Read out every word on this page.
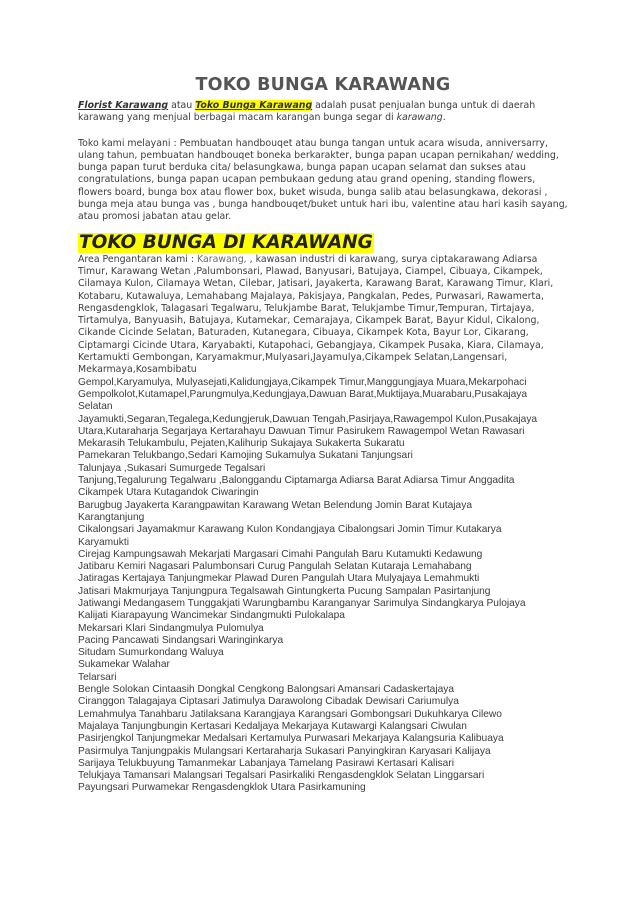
TOKO BUNGA KARAWANG

Florist Karawang atau Toko Bunga Karawang adalah pusat penjualan bunga untuk di daerah karawang yang menjual berbagai macam karangan bunga segar di karawang.

Toko kami melayani : Pembuatan handbouqet atau bunga tangan untuk acara wisuda, anniversarry, ulang tahun, pembuatan handbouqet boneka berkarakter, bunga papan ucapan pernikahan/ wedding, bunga papan turut berduka cita/ belasungkawa, bunga papan ucapan selamat dan sukses atau congratulations, bunga papan ucapan pembukaan gedung atau grand opening, standing flowers, flowers board, bunga box atau flower box, buket wisuda, bunga salib atau belasungkawa, dekorasi , bunga meja atau bunga vas , bunga handbouqet/buket untuk hari ibu, valentine atau hari kasih sayang, atau promosi jabatan atau gelar.

TOKO BUNGA DI KARAWANG

Area Pengantaran kami : Karawang, , kawasan industri di karawang, surya ciptakarawang Adiarsa Timur, Karawang Wetan ,Palumbonsari, Plawad, Banyusari, Batujaya, Ciampel, Cibuaya, Cikampek, Cilamaya Kulon, Cilamaya Wetan, Cilebar, Jatisari, Jayakerta, Karawang Barat, Karawang Timur, Klari, Kotabaru, Kutawaluya, Lemahabang Majalaya, Pakisjaya, Pangkalan, Pedes, Purwasari, Rawamerta, Rengasdengklok, Talagasari Tegalwaru, Telukjambe Barat, Telukjambe Timur,Tempuran, Tirtajaya, Tirtamulya, Banyuasih, Batujaya, Kutamekar, Cemarajaya, Cikampek Barat, Bayur Kidul, Cikalong, Cikande Cicinde Selatan, Baturaden, Kutanegara, Cibuaya, Cikampek Kota, Bayur Lor, Cikarang, Ciptamargi Cicinde Utara, Karyabakti, Kutapohaci, Gebangjaya, Cikampek Pusaka, Kiara, Cilamaya, Kertamukti Gembongan, Karyamakmur,Mulyasari,Jayamulya,Cikampek Selatan,Langensari, Mekarmaya,Kosambibatu

Gempol,Karyamulya, Mulyasejati,Kalidungjaya,Cikampek Timur,Manggungjaya Muara,Mekarpohaci
Gempolkolot,Kutamapel,Parungmulya,Kedungjaya,Dawuan Barat,Muktijaya,Muarabaru,Pusakajaya
Selatan
Jayamukti,Segaran,Tegalega,Kedungjeruk,Dawuan Tengah,Pasirjaya,Rawagempol Kulon,Pusakajaya
Utara,Kutaraharja Segarjaya Kertarahayu Dawuan Timur Pasirukem Rawagempol Wetan Rawasari
Mekarasih Telukambulu, Pejaten,Kalihurip Sukajaya Sukakerta Sukaratu
Pamekaran Telukbango,Sedari Kamojing Sukamulya Sukatani Tanjungsari
Talunjaya ,Sukasari Sumurgede Tegalsari
Tanjung,Tegalurung Tegalwaru ,Balonggandu Ciptamarga Adiarsa Barat Adiarsa Timur Anggadita
Cikampek Utara Kutagandok Ciwaringin
Barugbug Jayakerta Karangpawitan Karawang Wetan Belendung Jomin Barat Kutajaya
Karangtanjung
Cikalongsari Jayamakmur Karawang Kulon Kondangjaya Cibalongsari Jomin Timur Kutakarya
Karyamukti
Cirejag Kampungsawah Mekarjati Margasari Cimahi Pangulah Baru Kutamukti Kedawung
Jatibaru Kemiri Nagasari Palumbonsari Curug Pangulah Selatan Kutaraja Lemahabang
Jatiragas Kertajaya Tanjungmekar Plawad Duren Pangulah Utara Mulyajaya Lemahmukti
Jatisari Makmurjaya Tanjungpura Tegalsawah Gintungkerta Pucung Sampalan Pasirtanjung
Jatiwangi Medangasem Tunggakjati Warungbambu Karanganyar Sarimulya Sindangkarya Pulojaya
Kalijati Kiarapayung Wancimekar Sindangmukti Pulokalapa
Mekarsari Klari Sindangmulya Pulomulya
Pacing Pancawati Sindangsari Waringinkarya
Situdam Sumurkondang Waluya
Sukamekar Walahar
Telarsari
Bengle Solokan Cintaasih Dongkal Cengkong Balongsari Amansari Cadaskertajaya
Ciranggon Talagajaya Ciptasari Jatimulya Darawolong Cibadak Dewisari Cariumulya
Lemahmulya Tanahbaru Jatilaksana Karangjaya Karangsari Gombongsari Dukuhkarya Cilewo
Majalaya Tanjungbungin Kertasari Kedaljaya Mekarjaya Kutawargi Kalangsari Ciwulan
Pasirjengkol Tanjungmekar Medalsari Kertamulya Purwasari Mekarjaya Kalangsuria Kalibuaya
Pasirmulya Tanjungpakis Mulangsari Kertaraharja Sukasari Panyingkiran Karyasari Kalijaya
Sarijaya Telukbuyung Tamanmekar Labanjaya Tamelang Pasirawi Kertasari Kalisari
Telukjaya Tamansari Malangsari Tegalsari Pasirkaliki Rengasdengklok Selatan Linggarsari
Payungsari Purwamekar Rengasdengklok Utara Pasirkamuning
